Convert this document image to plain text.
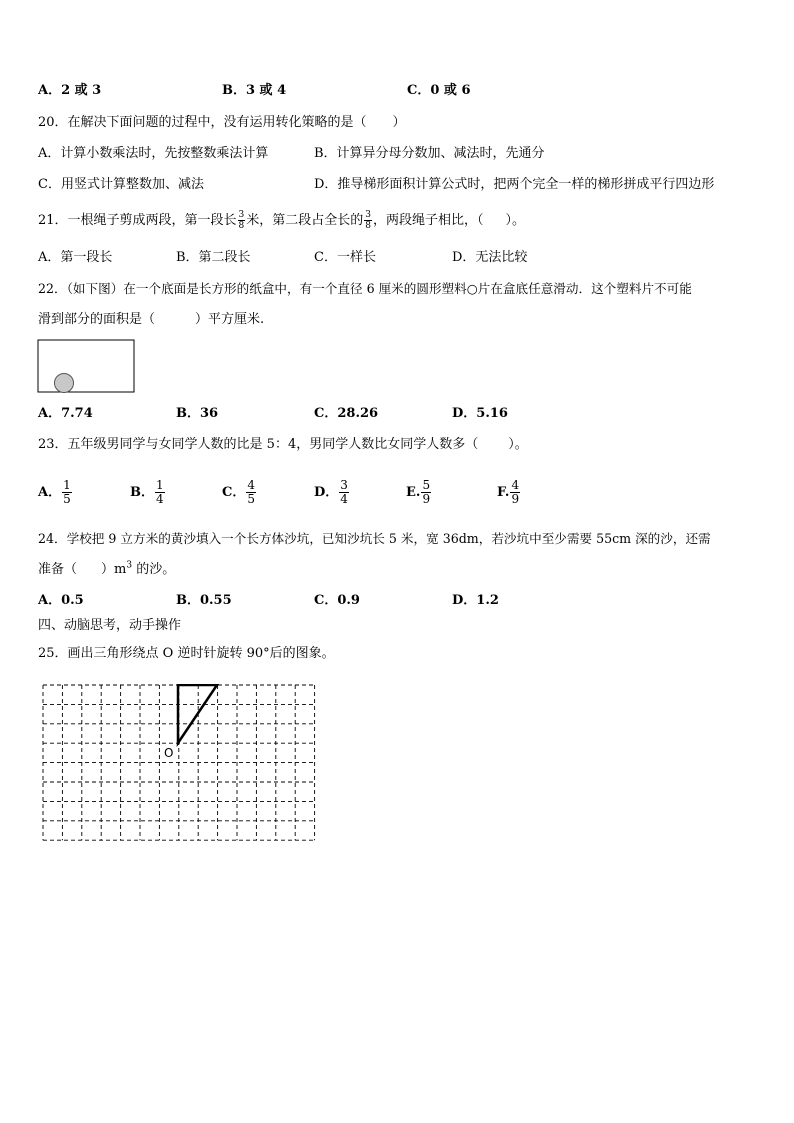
A．2 或 3	B．3 或 4	C．0 或 6
20．在解决下面问题的过程中，没有运用转化策略的是（　　）
A．计算小数乘法时，先按整数乘法计算	B．计算异分母分数加、减法时，先通分
C．用竖式计算整数加、减法	D．推导梯形面积计算公式时，把两个完全一样的梯形拼成平行四边形
21．一根绳子剪成两段，第一段长 $\frac{3}{8}$ 米，第二段占全长的 $\frac{3}{8}$ ，两段绳子相比，（ ）。
A．第一段长	B．第二段长	C．一样长	D．无法比较
22．（如下图）在一个底面是长方形的纸盒中，有一个直径 6 厘米的圆形塑料○片在盒底任意滑动．这个塑料片不可能
滑到部分的面积是（	）平方厘米.
A．7.74	B．36	C．28.26	D．5.16
23．五年级男同学与女同学人数的比是 5：4，男同学人数比女同学人数多（ ）。
A． $\frac{1}{5}$	B． $\frac{1}{4}$	C． $\frac{4}{5}$	D． $\frac{3}{4}$	E. $\frac{5}{9}$	F. $\frac{4}{9}$
24．学校把 9 立方米的黄沙填入一个长方体沙坑，已知沙坑长 5 米，宽 36dm，若沙坑中至少需要 55cm 深的沙，还需
准备（ ）$m^3$ 的沙。
A．0.5	B．0.55	C．0.9	D．1.2
四、动脑思考，动手操作
25．画出三角形绕点 O 逆时针旋转 90°后的图象。
O
